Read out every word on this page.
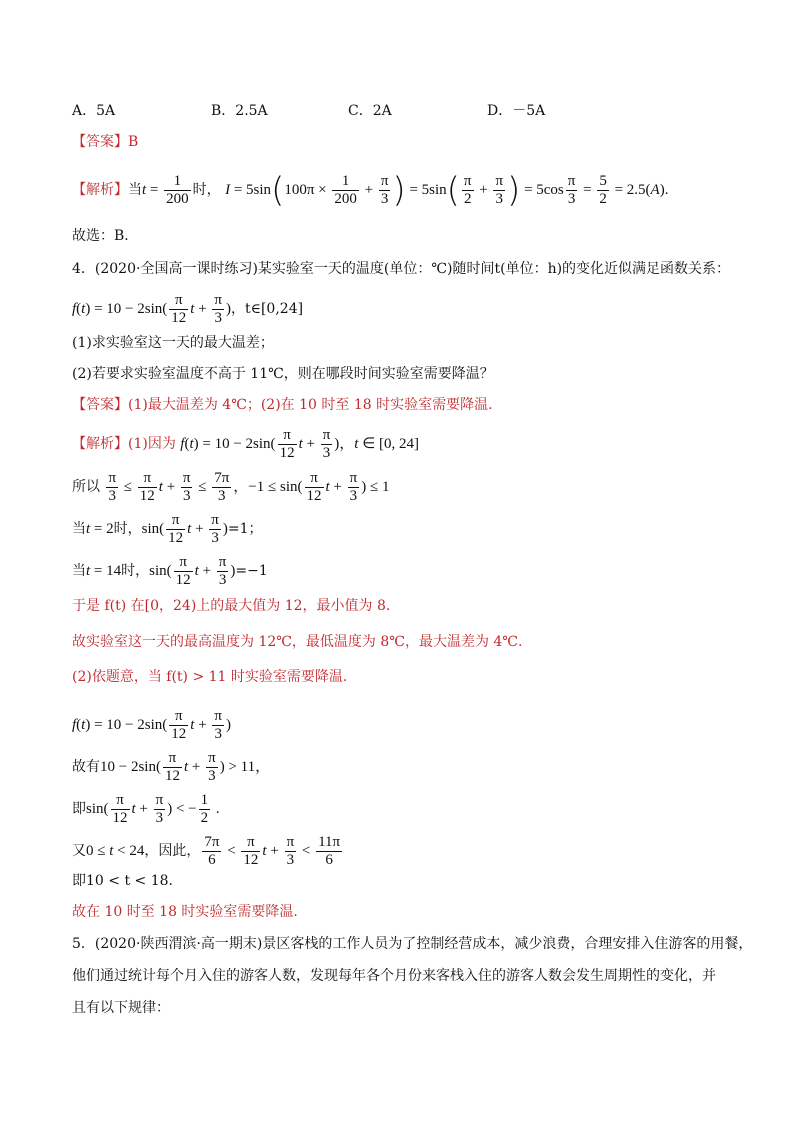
A．5A	B．2.5A	C．2A	D．－5A
【答案】B
【解析】当$t = \frac{1}{200}$ 时， $I = 5\sin(100\pi \times \frac{1}{200} + \frac{\pi}{3}$ ) = $5\sin( \frac{\pi}{2} + \frac{\pi}{3}$ ) = $5\cos \frac{\pi}{3} = \frac{5}{2} = 2.5(A)$.
故选：B．
4．(2020·全国高一课时练习)某实验室一天的温度(单位：℃)随时间t(单位：h)的变化近似满足函数关系：
$f(t) = 10 - 2\sin( \frac{\pi}{12}$ $t + \frac{\pi}{3}$ )，t∈[0,24]
(1)求实验室这一天的最大温差；
(2)若要求实验室温度不高于 11℃，则在哪段时间实验室需要降温？
【答案】(1)最大温差为 4℃；(2)在 10 时至 18 时实验室需要降温.
【解析】(1)因为 $f(t) = 10 - 2\sin( \frac{\pi}{12}$ $t + \frac{\pi}{3}$ )，t ∈ [0, 24]
所以 $\frac{\pi}{3} \le \frac{\pi}{12}$ $t + \frac{\pi}{3} \le \frac{7\pi}{3}$ ，$-1 \le \sin( \frac{\pi}{12}$ $t + \frac{\pi}{3}$ ) ≤ 1
当t = 2时，$\sin( \frac{\pi}{12}$ $t + \frac{\pi}{3} )=1$；
当t = 14时，$\sin( \frac{\pi}{12}$ $t + \frac{\pi}{3} )=-1$
于是 f(t) 在[0，24)上的最大值为 12，最小值为 8.
故实验室这一天的最高温度为 12℃，最低温度为 8℃，最大温差为 4℃.
(2)依题意，当 f(t) > 11 时实验室需要降温.
$f(t) = 10 - 2\sin( \frac{\pi}{12}$ $t + \frac{\pi}{3}$ )
故有$10 - 2\sin( \frac{\pi}{12}$ $t + \frac{\pi}{3}$ ) > 11，
即$\sin( \frac{\pi}{12}$ $t + \frac{\pi}{3}$ ) < − $\frac{1}{2}$ .
又0 ≤ t < 24，因此， $\frac{7\pi}{6} < \frac{\pi}{12}$ $t + \frac{\pi}{3} < \frac{11\pi}{6}$
即10 < t < 18.
故在 10 时至 18 时实验室需要降温.
5．(2020·陕西渭滨·高一期末)景区客栈的工作人员为了控制经营成本，减少浪费，合理安排入住游客的用餐，
他们通过统计每个月入住的游客人数，发现每年各个月份来客栈入住的游客人数会发生周期性的变化，并
且有以下规律：
